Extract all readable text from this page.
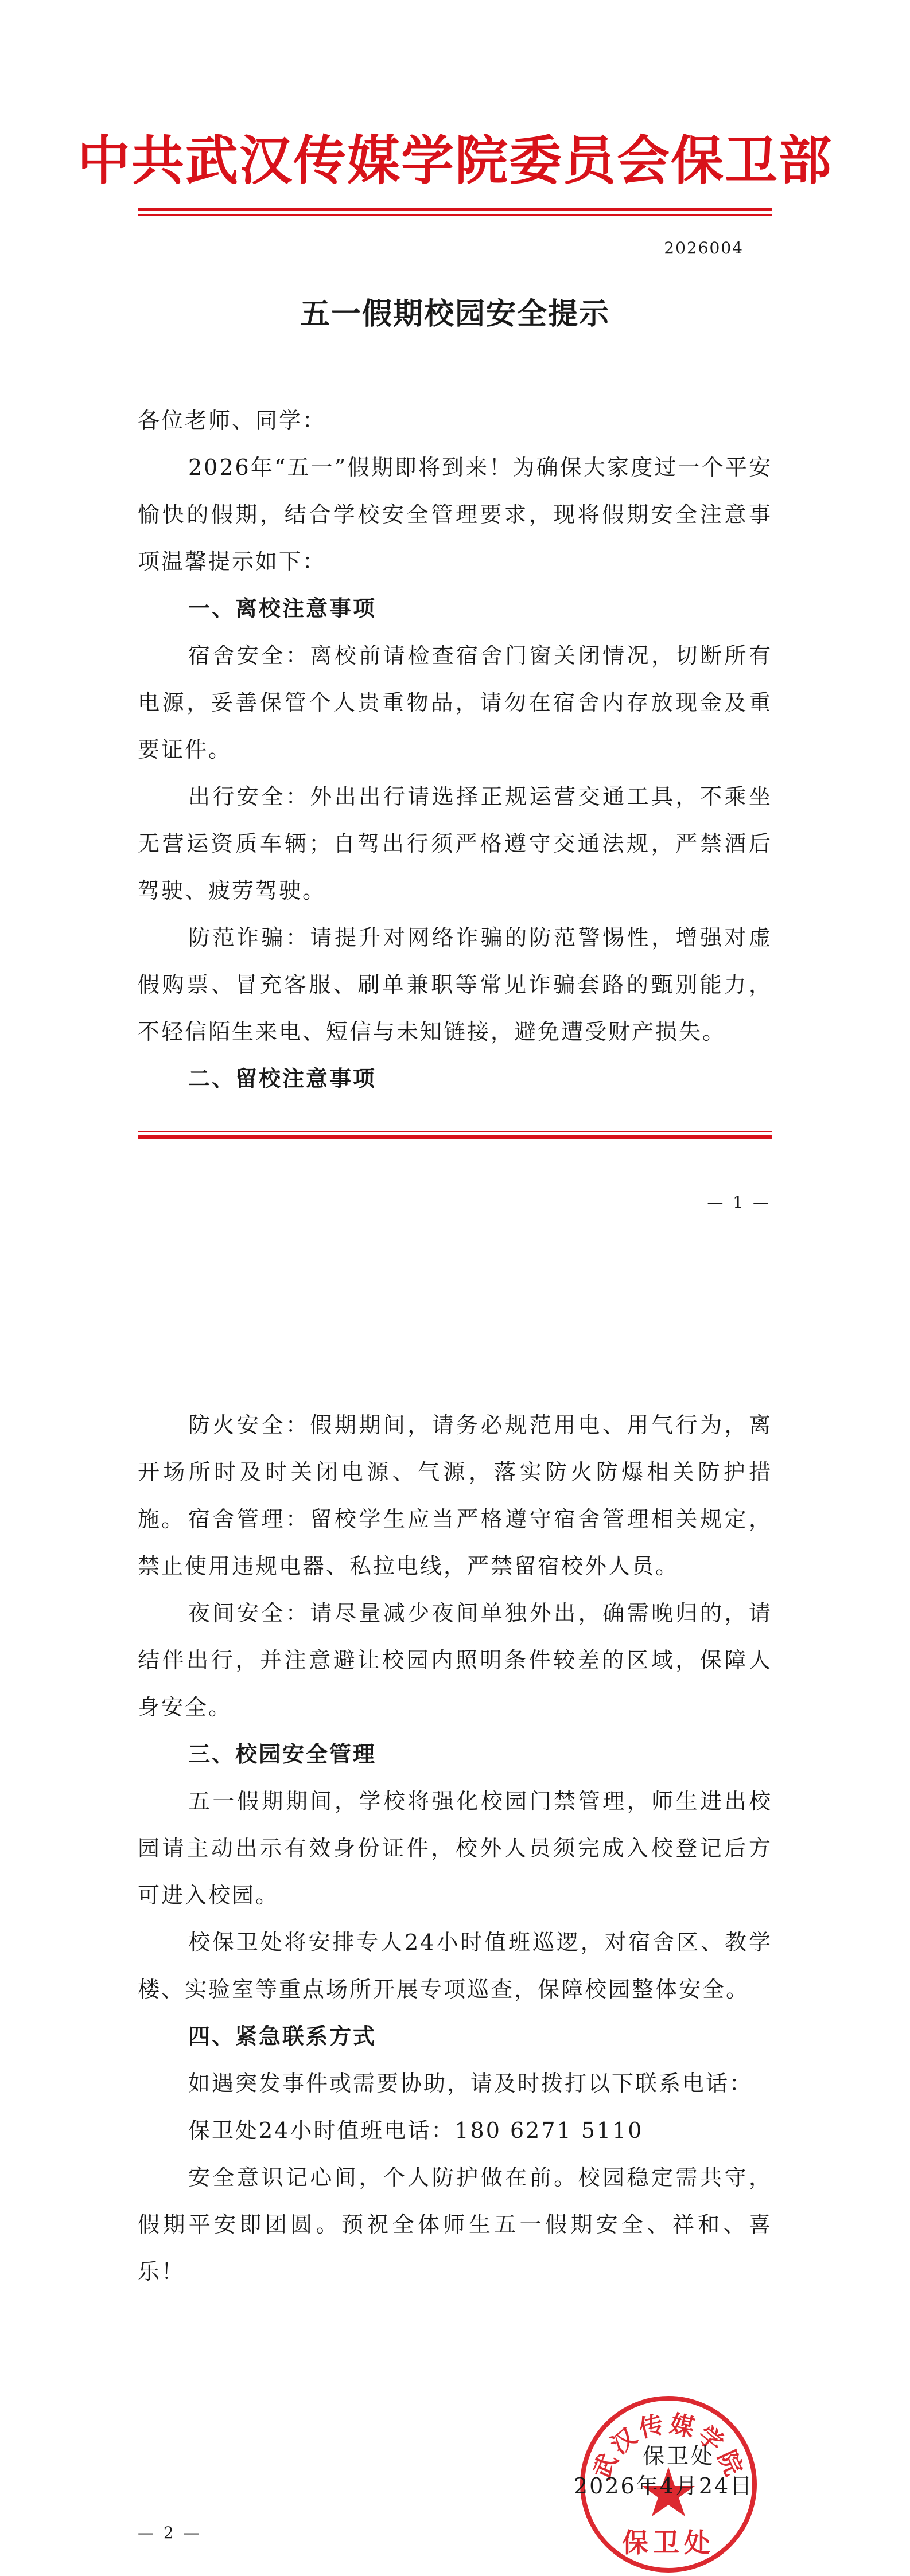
中共武汉传媒学院委员会保卫部
2026004
五一假期校园安全提示

各位老师、同学：

2026年“五一”假期即将到来！为确保大家度过一个平安愉快的假期，结合学校安全管理要求，现将假期安全注意事项温馨提示如下：

一、离校注意事项

宿舍安全：离校前请检查宿舍门窗关闭情况，切断所有电源，妥善保管个人贵重物品，请勿在宿舍内存放现金及重要证件。

出行安全：外出出行请选择正规运营交通工具，不乘坐无营运资质车辆；自驾出行须严格遵守交通法规，严禁酒后驾驶、疲劳驾驶。

防范诈骗：请提升对网络诈骗的防范警惕性，增强对虚假购票、冒充客服、刷单兼职等常见诈骗套路的甄别能力，不轻信陌生来电、短信与未知链接，避免遭受财产损失。

二、留校注意事项

— 1 —

防火安全：假期期间，请务必规范用电、用气行为，离开场所时及时关闭电源、气源，落实防火防爆相关防护措施。 宿舍管理：留校学生应当严格遵守宿舍管理相关规定，禁止使用违规电器、私拉电线，严禁留宿校外人员。

夜间安全：请尽量减少夜间单独外出，确需晚归的，请结伴出行，并注意避让校园内照明条件较差的区域，保障人身安全。

三、校园安全管理

五一假期期间，学校将强化校园门禁管理，师生进出校园请主动出示有效身份证件，校外人员须完成入校登记后方可进入校园。

校保卫处将安排专人24小时值班巡逻，对宿舍区、教学楼、实验室等重点场所开展专项巡查，保障校园整体安全。

四、紧急联系方式

如遇突发事件或需要协助，请及时拨打以下联系电话：

保卫处24小时值班电话：180 6271 5110

安全意识记心间，个人防护做在前。校园稳定需共守，假期平安即团圆。预祝全体师生五一假期安全、祥和、喜乐！

武汉传媒学院
保卫处
保卫处
2026年4月24日
— 2 —
